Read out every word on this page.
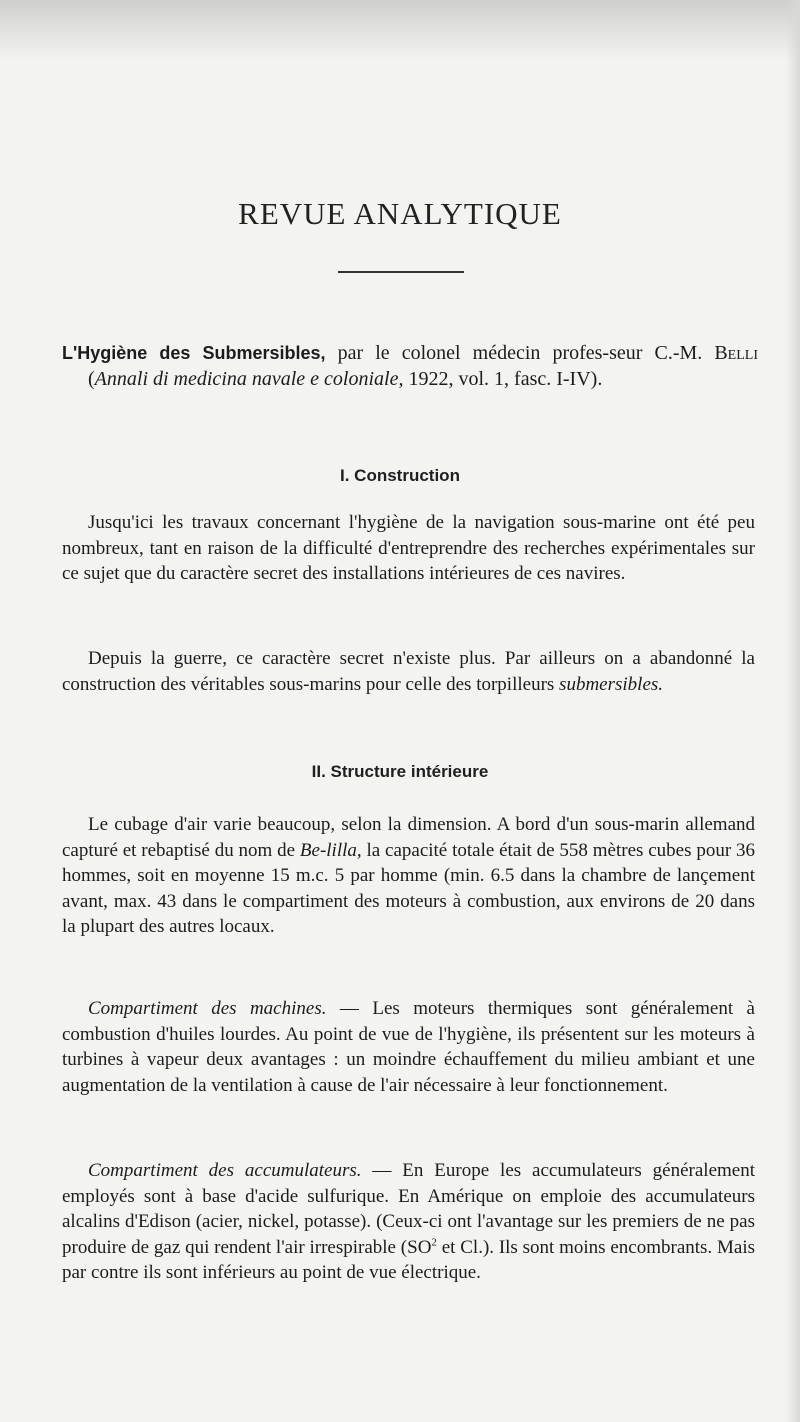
REVUE ANALYTIQUE
L'Hygiène des Submersibles, par le colonel médecin profes-seur C.-M. Belli (Annali di medicina navale e coloniale, 1922, vol. 1, fasc. I-IV).
I. Construction
Jusqu'ici les travaux concernant l'hygiène de la navigation sous-marine ont été peu nombreux, tant en raison de la difficulté d'entreprendre des recherches expérimentales sur ce sujet que du caractère secret des installations intérieures de ces navires.
Depuis la guerre, ce caractère secret n'existe plus. Par ailleurs on a abandonné la construction des véritables sous-marins pour celle des torpilleurs submersibles.
II. Structure intérieure
Le cubage d'air varie beaucoup, selon la dimension. A bord d'un sous-marin allemand capturé et rebaptisé du nom de Be-lilla, la capacité totale était de 558 mètres cubes pour 36 hommes, soit en moyenne 15 m.c. 5 par homme (min. 6.5 dans la chambre de lançement avant, max. 43 dans le compartiment des moteurs à combustion, aux environs de 20 dans la plupart des autres locaux.
Compartiment des machines. — Les moteurs thermiques sont généralement à combustion d'huiles lourdes. Au point de vue de l'hygiène, ils présentent sur les moteurs à turbines à vapeur deux avantages : un moindre échauffement du milieu ambiant et une augmentation de la ventilation à cause de l'air nécessaire à leur fonctionnement.
Compartiment des accumulateurs. — En Europe les accumulateurs généralement employés sont à base d'acide sulfurique. En Amérique on emploie des accumulateurs alcalins d'Edison (acier, nickel, potasse). (Ceux-ci ont l'avantage sur les premiers de ne pas produire de gaz qui rendent l'air irrespirable ($SO^2$ et Cl.). Ils sont moins encombrants. Mais par contre ils sont inférieurs au point de vue électrique.
